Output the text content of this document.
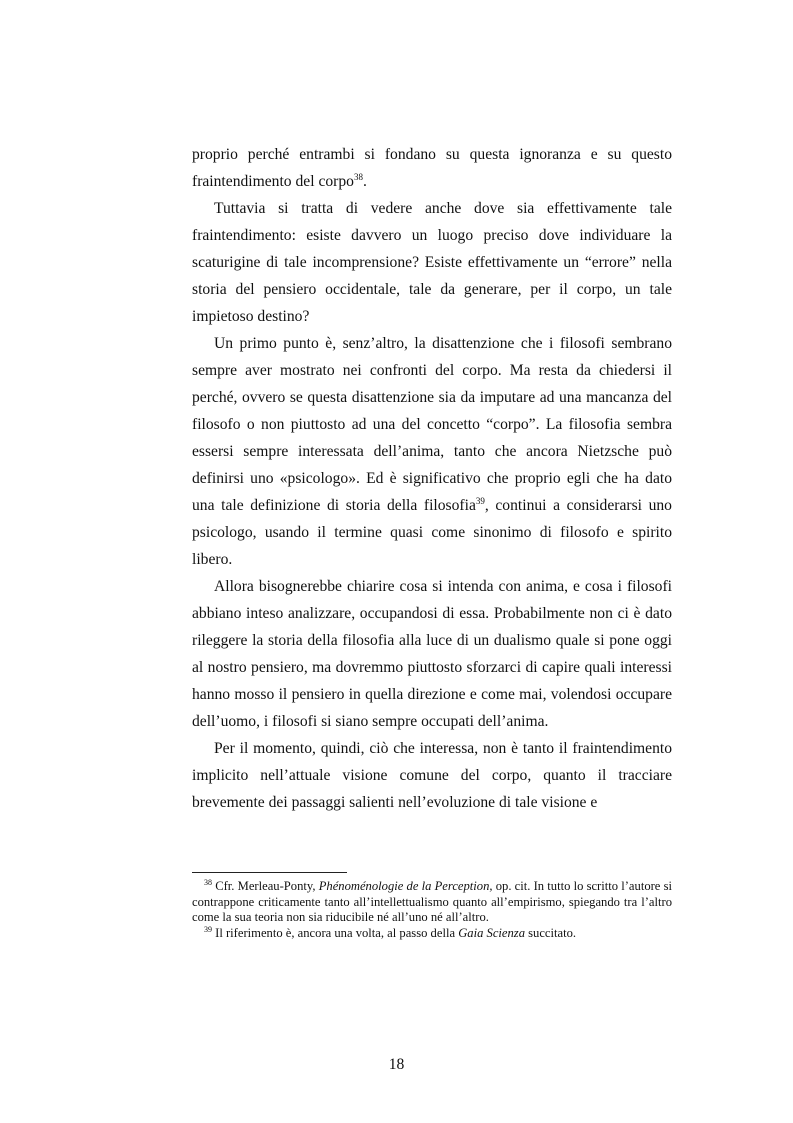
proprio perché entrambi si fondano su questa ignoranza e su questo fraintendimento del corpo$^{38}$.

Tuttavia si tratta di vedere anche dove sia effettivamente tale fraintendimento: esiste davvero un luogo preciso dove individuare la scaturigine di tale incomprensione? Esiste effettivamente un “errore” nella storia del pensiero occidentale, tale da generare, per il corpo, un tale impietoso destino?

Un primo punto è, senz’altro, la disattenzione che i filosofi sembrano sempre aver mostrato nei confronti del corpo. Ma resta da chiedersi il perché, ovvero se questa disattenzione sia da imputare ad una mancanza del filosofo o non piuttosto ad una del concetto “corpo”. La filosofia sembra essersi sempre interessata dell’anima, tanto che ancora Nietzsche può definirsi uno «psicologo». Ed è significativo che proprio egli che ha dato una tale definizione di storia della filosofia$^{39}$, continui a considerarsi uno psicologo, usando il termine quasi come sinonimo di filosofo e spirito libero.

Allora bisognerebbe chiarire cosa si intenda con anima, e cosa i filosofi abbiano inteso analizzare, occupandosi di essa. Probabilmente non ci è dato rileggere la storia della filosofia alla luce di un dualismo quale si pone oggi al nostro pensiero, ma dovremmo piuttosto sforzarci di capire quali interessi hanno mosso il pensiero in quella direzione e come mai, volendosi occupare dell’uomo, i filosofi si siano sempre occupati dell’anima.

Per il momento, quindi, ciò che interessa, non è tanto il fraintendimento implicito nell’attuale visione comune del corpo, quanto il tracciare brevemente dei passaggi salienti nell’evoluzione di tale visione e

$^{38}$ Cfr. Merleau-Ponty, Phénoménologie de la Perception, op. cit. In tutto lo scritto l’autore si contrappone criticamente tanto all’intellettualismo quanto all’empirismo, spiegando tra l’altro come la sua teoria non sia riducibile né all’uno né all’altro.

$^{39}$ Il riferimento è, ancora una volta, al passo della Gaia Scienza succitato.

18
